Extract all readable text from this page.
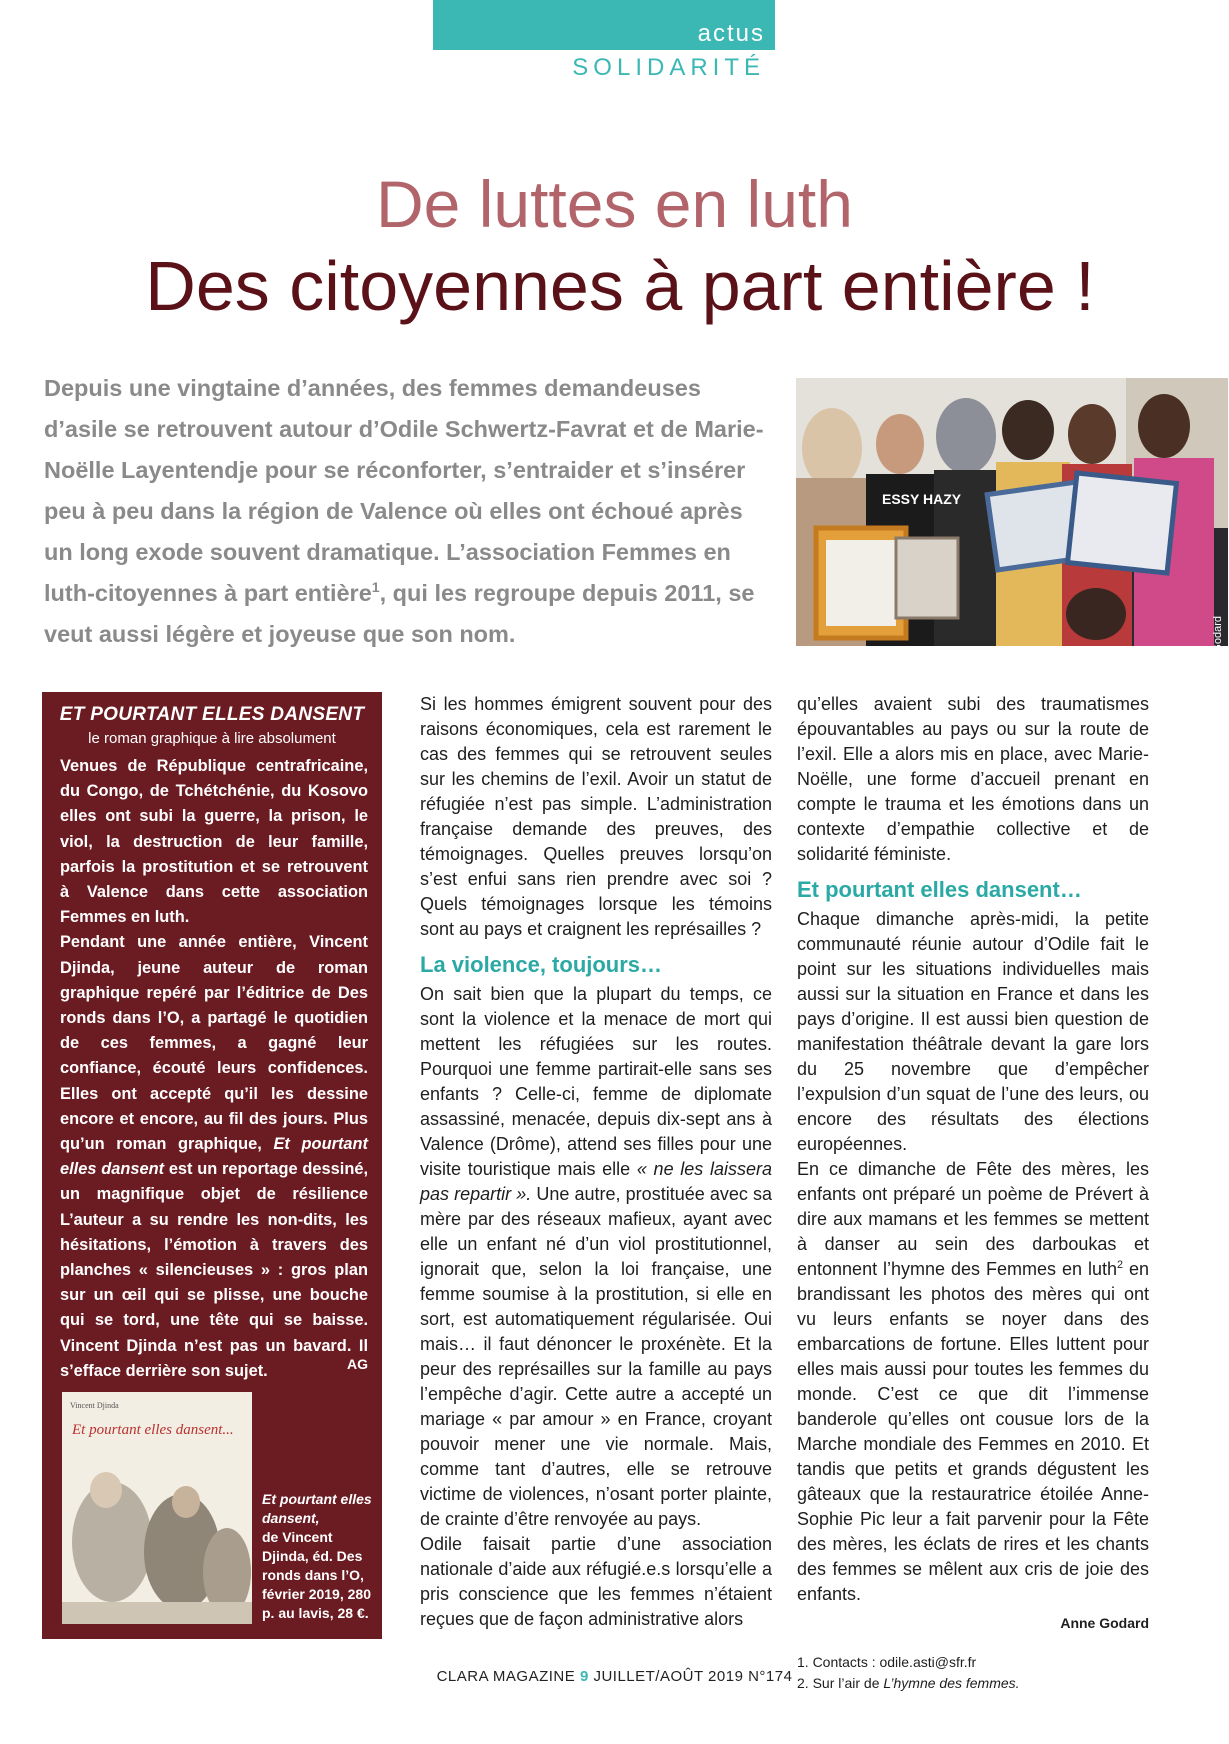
actus
SOLIDARITÉ
De luttes en luth
Des citoyennes à part entière !
Depuis une vingtaine d’années, des femmes demandeuses d’asile se retrouvent autour d’Odile Schwertz-Favrat et de Marie-Noëlle Layentendje pour se réconforter, s’entraider et s’insérer peu à peu dans la région de Valence où elles ont échoué après un long exode souvent dramatique. L’association Femmes en luth-citoyennes à part entière$^1$, qui les regroupe depuis 2011, se veut aussi légère et joyeuse que son nom.
ESSY HAZY
© Anne Godard
ET POURTANT ELLES DANSENT
le roman graphique à lire absolument
Venues de République centrafricaine, du Congo, de Tchétchénie, du Kosovo elles ont subi la guerre, la prison, le viol, la destruction de leur famille, parfois la prostitution et se retrouvent à Valence dans cette association Femmes en luth.
Pendant une année entière, Vincent Djinda, jeune auteur de roman graphique repéré par l’éditrice de Des ronds dans l’O, a partagé le quotidien de ces femmes, a gagné leur confiance, écouté leurs confidences. Elles ont accepté qu’il les dessine encore et encore, au fil des jours. Plus qu’un roman graphique, Et pourtant elles dansent est un reportage dessiné, un magnifique objet de résilience L’auteur a su rendre les non-dits, les hésitations, l’émotion à travers des planches « silencieuses » : gros plan sur un œil qui se plisse, une bouche qui se tord, une tête qui se baisse. Vincent Djinda n’est pas un bavard. Il s’efface derrière son sujet.	AG
Vincent Djinda
Et pourtant elles dansent...
Et pourtant elles dansent,
de Vincent Djinda, éd. Des ronds dans l’O, février 2019, 280 p. au lavis, 28 €.

Si les hommes émigrent souvent pour des raisons économiques, cela est rarement le cas des femmes qui se retrouvent seules sur les chemins de l’exil. Avoir un statut de réfugiée n’est pas simple. L’administration française demande des preuves, des témoignages. Quelles preuves lorsqu’on s’est enfui sans rien prendre avec soi ? Quels témoignages lorsque les témoins sont au pays et craignent les représailles ?

La violence, toujours…

On sait bien que la plupart du temps, ce sont la violence et la menace de mort qui mettent les réfugiées sur les routes. Pourquoi une femme partirait-elle sans ses enfants ? Celle-ci, femme de diplomate assassiné, menacée, depuis dix-sept ans à Valence (Drôme), attend ses filles pour une visite touristique mais elle « ne les laissera pas repartir ». Une autre, prostituée avec sa mère par des réseaux mafieux, ayant avec elle un enfant né d’un viol prostitutionnel, ignorait que, selon la loi française, une femme soumise à la prostitution, si elle en sort, est automatiquement régularisée. Oui mais… il faut dénoncer le proxénète. Et la peur des représailles sur la famille au pays l’empêche d’agir. Cette autre a accepté un mariage « par amour » en France, croyant pouvoir mener une vie normale. Mais, comme tant d’autres, elle se retrouve victime de violences, n’osant porter plainte, de crainte d’être renvoyée au pays.

Odile faisait partie d’une association nationale d’aide aux réfugié.e.s lorsqu’elle a pris conscience que les femmes n’étaient reçues que de façon administrative alors

qu’elles avaient subi des traumatismes épouvantables au pays ou sur la route de l’exil. Elle a alors mis en place, avec Marie-Noëlle, une forme d’accueil prenant en compte le trauma et les émotions dans un contexte d’empathie collective et de solidarité féministe.

Et pourtant elles dansent…

Chaque dimanche après-midi, la petite communauté réunie autour d’Odile fait le point sur les situations individuelles mais aussi sur la situation en France et dans les pays d’origine. Il est aussi bien question de manifestation théâtrale devant la gare lors du 25 novembre que d’empêcher l’expulsion d’un squat de l’une des leurs, ou encore des résultats des élections européennes.

En ce dimanche de Fête des mères, les enfants ont préparé un poème de Prévert à dire aux mamans et les femmes se mettent à danser au sein des darboukas et entonnent l’hymne des Femmes en luth$^2$ en brandissant les photos des mères qui ont vu leurs enfants se noyer dans des embarcations de fortune. Elles luttent pour elles mais aussi pour toutes les femmes du monde. C’est ce que dit l’immense banderole qu’elles ont cousue lors de la Marche mondiale des Femmes en 2010. Et tandis que petits et grands dégustent les gâteaux que la restauratrice étoilée Anne-Sophie Pic leur a fait parvenir pour la Fête des mères, les éclats de rires et les chants des femmes se mêlent aux cris de joie des enfants.

Anne Godard
1. Contacts : odile.asti@sfr.fr
2. Sur l’air de L’hymne des femmes.
CLARA MAGAZINE 9 JUILLET/AOÛT 2019 N°174
